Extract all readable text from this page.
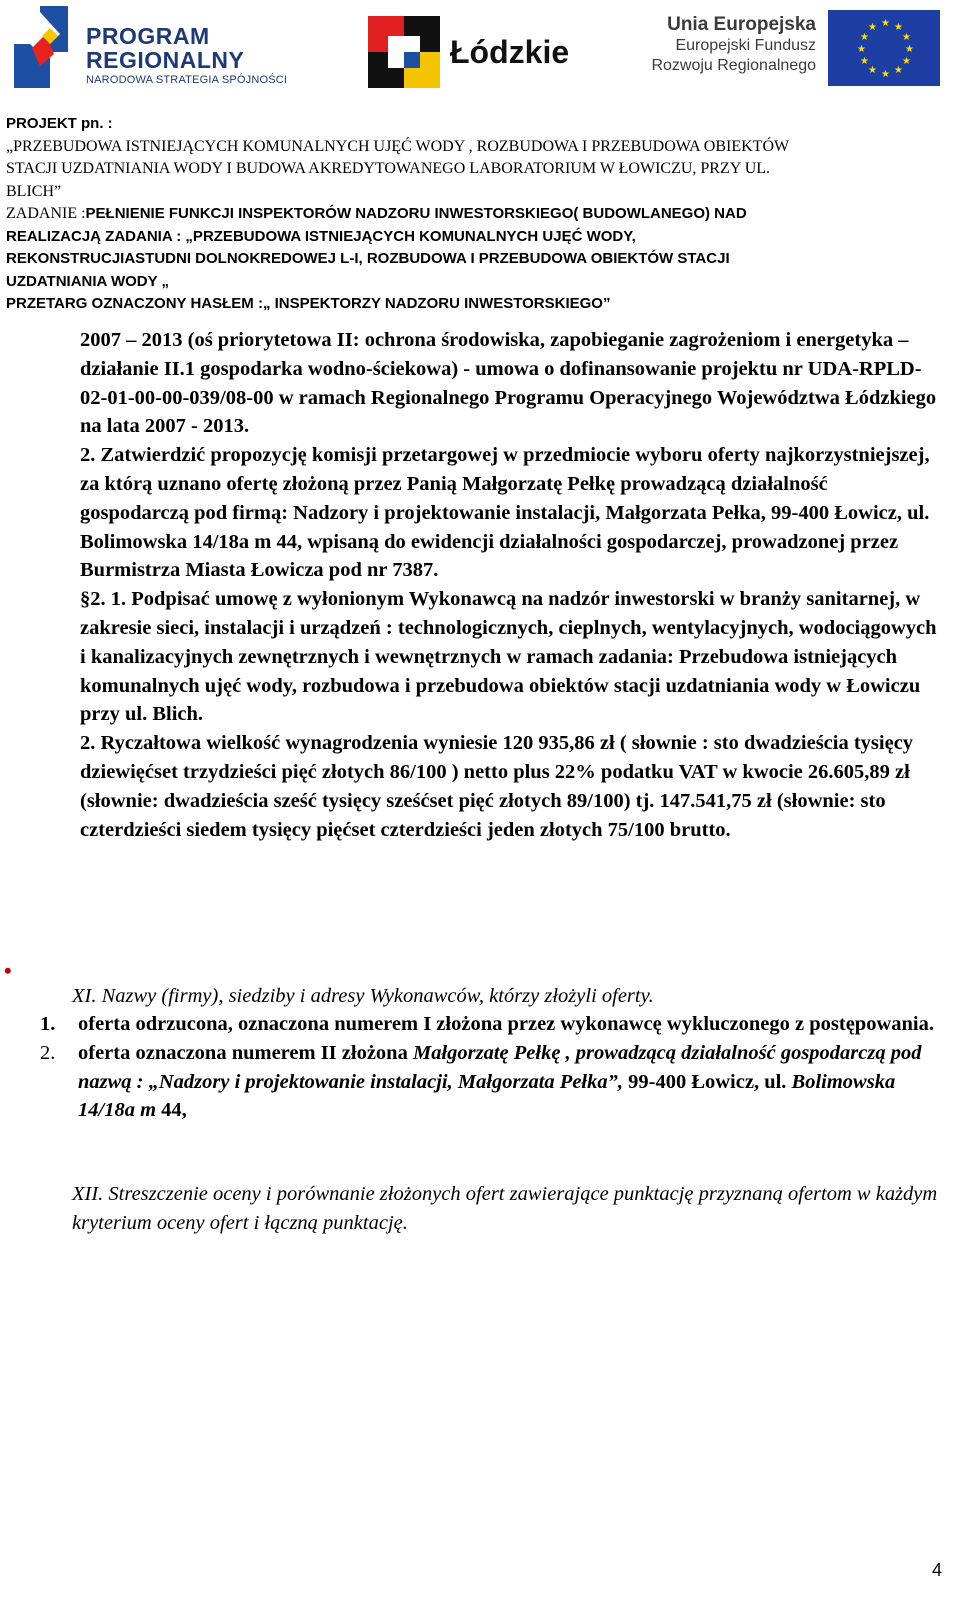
PROGRAM
REGIONALNY
NARODOWA STRATEGIA SPÓJNOŚCI
Łódzkie
Unia Europejska
Europejski Fundusz
Rozwoju Regionalnego
★ ★
★
★
★
★
★
★
★
★
★
★
PROJEKT pn. :
„PRZEBUDOWA ISTNIEJĄCYCH KOMUNALNYCH UJĘĆ WODY , ROZBUDOWA I PRZEBUDOWA OBIEKTÓW
STACJI UZDATNIANIA WODY I BUDOWA AKREDYTOWANEGO LABORATORIUM W ŁOWICZU, PRZY UL.
BLICH”
ZADANIE :PEŁNIENIE FUNKCJI INSPEKTORÓW NADZORU INWESTORSKIEGO( BUDOWLANEGO) NAD
REALIZACJĄ ZADANIA : „PRZEBUDOWA ISTNIEJĄCYCH KOMUNALNYCH UJĘĆ WODY,
REKONSTRUCJIASTUDNI DOLNOKREDOWEJ L-I, ROZBUDOWA I PRZEBUDOWA OBIEKTÓW STACJI
UZDATNIANIA WODY „
PRZETARG OZNACZONY HASŁEM :„ INSPEKTORZY NADZORU INWESTORSKIEGO”

2007 – 2013 (oś priorytetowa II: ochrona środowiska, zapobieganie zagrożeniom i energetyka – działanie II.1 gospodarka wodno-ściekowa) - umowa o dofinansowanie projektu nr UDA-RPLD-02-01-00-00-039/08-00 w ramach Regionalnego Programu Operacyjnego Województwa Łódzkiego na lata 2007 - 2013.

2. Zatwierdzić propozycję komisji przetargowej w przedmiocie wyboru oferty najkorzystniejszej, za którą uznano ofertę złożoną przez Panią Małgorzatę Pełkę prowadzącą działalność gospodarczą pod firmą: Nadzory i projektowanie instalacji, Małgorzata Pełka, 99-400 Łowicz, ul. Bolimowska 14/18a m 44, wpisaną do ewidencji działalności gospodarczej, prowadzonej przez Burmistrza Miasta Łowicza pod nr 7387.

§2. 1. Podpisać umowę z wyłonionym Wykonawcą na nadzór inwestorski w branży sanitarnej, w zakresie sieci, instalacji i urządzeń : technologicznych, cieplnych, wentylacyjnych, wodociągowych i kanalizacyjnych zewnętrznych i wewnętrznych w ramach zadania: Przebudowa istniejących komunalnych ujęć wody, rozbudowa i przebudowa obiektów stacji uzdatniania wody w Łowiczu przy ul. Blich.

2. Ryczałtowa wielkość wynagrodzenia wyniesie 120 935,86 zł ( słownie : sto dwadzieścia tysięcy dziewięćset trzydzieści pięć złotych 86/100 ) netto plus 22% podatku VAT w kwocie 26.605,89 zł (słownie: dwadzieścia sześć tysięcy sześćset pięć złotych 89/100) tj. 147.541,75 zł (słownie: sto czterdzieści siedem tysięcy pięćset czterdzieści jeden złotych 75/100 brutto.

•
XI. Nazwy (firmy), siedziby i adresy Wykonawców, którzy złożyli oferty.
1. oferta odrzucona, oznaczona numerem I złożona przez wykonawcę wykluczonego z postępowania.
2. oferta oznaczona numerem II złożona Małgorzatę Pełkę , prowadzącą działalność gospodarczą pod nazwą : „Nadzory i projektowanie instalacji, Małgorzata Pełka”, 99-400 Łowicz, ul. Bolimowska 14/18a m 44,
XII. Streszczenie oceny i porównanie złożonych ofert zawierające punktację przyznaną ofertom w każdym kryterium oceny ofert i łączną punktację.
4
